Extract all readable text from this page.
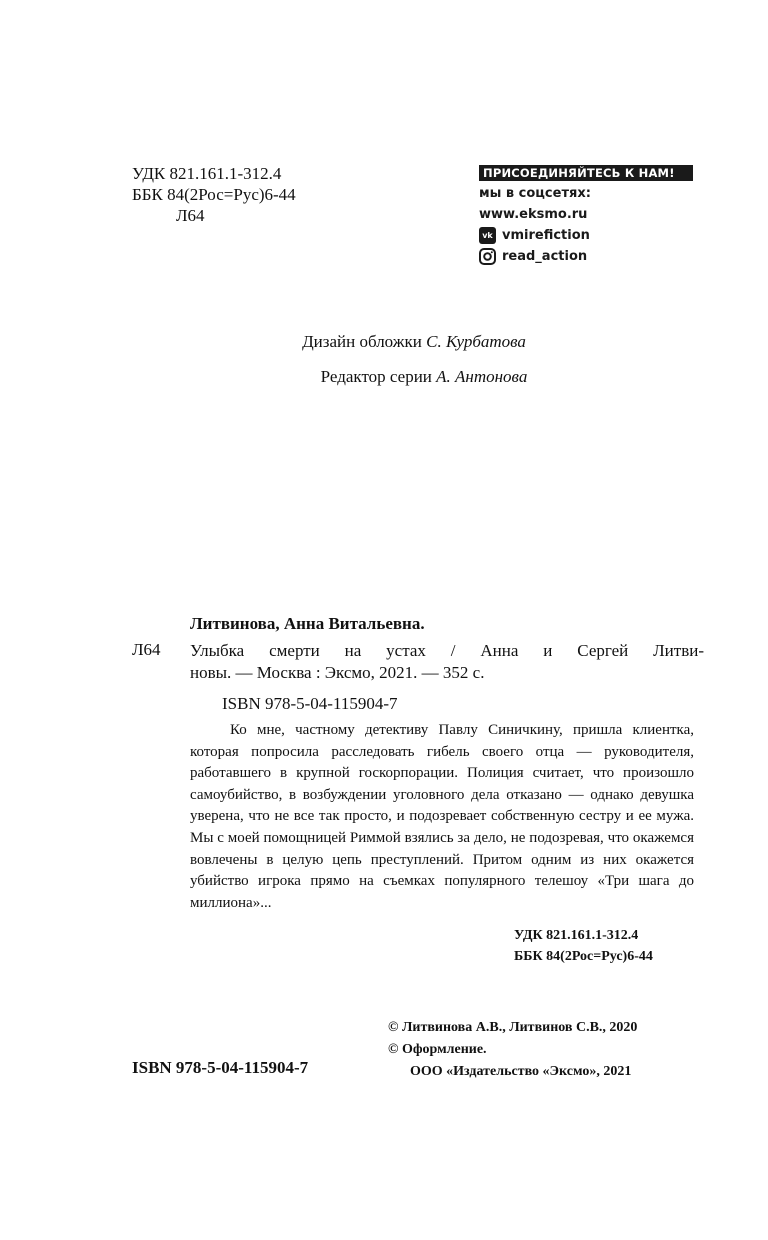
УДК 821.161.1-312.4
ББК 84(2Рос=Рус)6-44
Л64
ПРИСОЕДИНЯЙТЕСЬ К НАМ!
мы в соцсетях:
www.eksmo.ru
vk vmirefiction
read_action
Дизайн обложки С. Курбатова
Редактор серии А. Антонова
Литвинова, Анна Витальевна.
Л64 Улыбка смерти на устах / Анна и Сергей Литви-
новы. — Москва : Эксмо, 2021. — 352 с.
ISBN 978-5-04-115904-7

Ко мне, частному детективу Павлу Синичкину, пришла клиентка, которая попросила расследовать гибель своего отца — руководителя, работавшего в крупной госкорпорации. Полиция считает, что произошло самоубийство, в возбуждении уголовного дела отказано — однако девушка уверена, что не все так просто, и подозревает собственную сестру и ее мужа. Мы с моей помощницей Риммой взялись за дело, не подозревая, что окажемся вовлечены в целую цепь преступлений. Притом одним из них окажется убийство игрока прямо на съемках популярного телешоу «Три шага до миллиона»...

УДК 821.161.1-312.4
ББК 84(2Рос=Рус)6-44
© Литвинова А.В., Литвинов С.В., 2020
© Оформление.
ООО «Издательство «Эксмо», 2021
ISBN 978-5-04-115904-7
